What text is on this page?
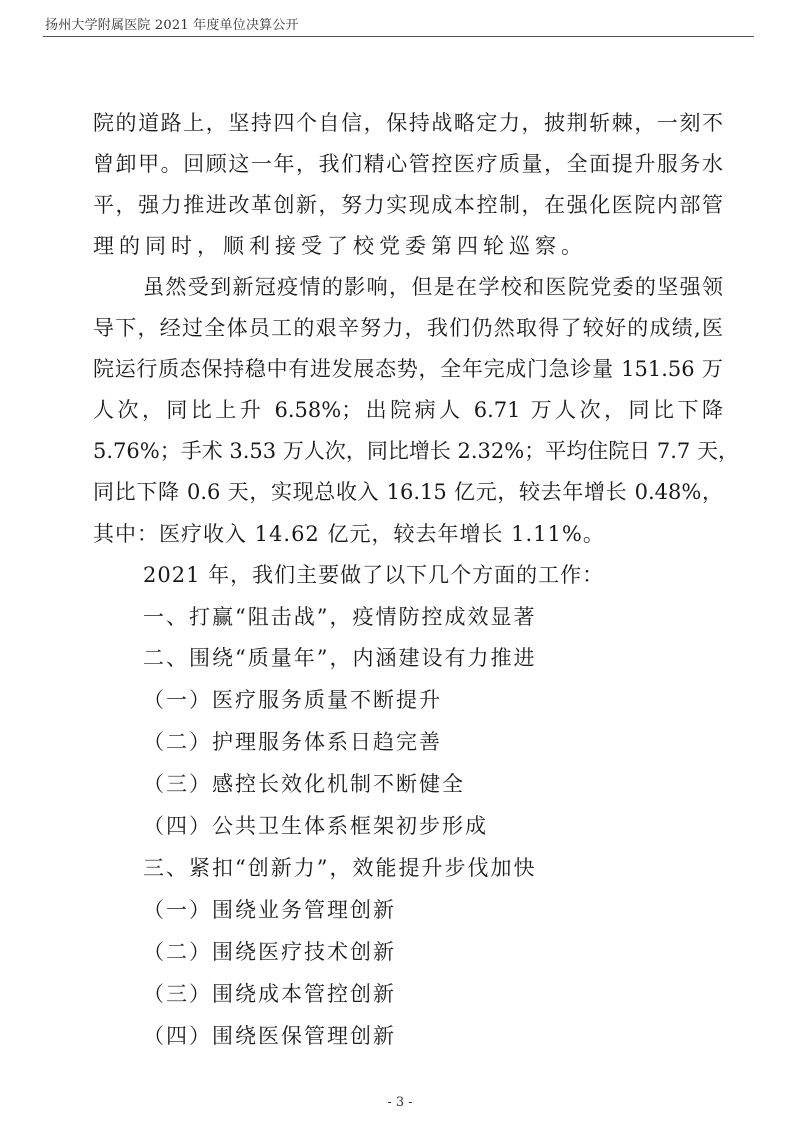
扬州大学附属医院 2021 年度单位决算公开
院的道路上，坚持四个自信，保持战略定力，披荆斩棘，一刻不
曾卸甲。回顾这一年，我们精心管控医疗质量，全面提升服务水
平，强力推进改革创新，努力实现成本控制，在强化医院内部管
理的同时，顺利接受了校党委第四轮巡察。
虽然受到新冠疫情的影响，但是在学校和医院党委的坚强领
导下，经过全体员工的艰辛努力，我们仍然取得了较好的成绩,医
院运行质态保持稳中有进发展态势，全年完成门急诊量 151.56 万
人次，同比上升 6.58%；出院病人 6.71 万人次，同比下降
5.76%；手术 3.53 万人次，同比增长 2.32%；平均住院日 7.7 天，
同比下降 0.6 天，实现总收入 16.15 亿元，较去年增长 0.48%，
其中：医疗收入 14.62 亿元，较去年增长 1.11%。
2021 年，我们主要做了以下几个方面的工作：
一、打赢“阻击战”，疫情防控成效显著
二、围绕“质量年”，内涵建设有力推进
（一）医疗服务质量不断提升
（二）护理服务体系日趋完善
（三）感控长效化机制不断健全
（四）公共卫生体系框架初步形成
三、紧扣“创新力”，效能提升步伐加快
（一）围绕业务管理创新
（二）围绕医疗技术创新
（三）围绕成本管控创新
（四）围绕医保管理创新
- 3 -
